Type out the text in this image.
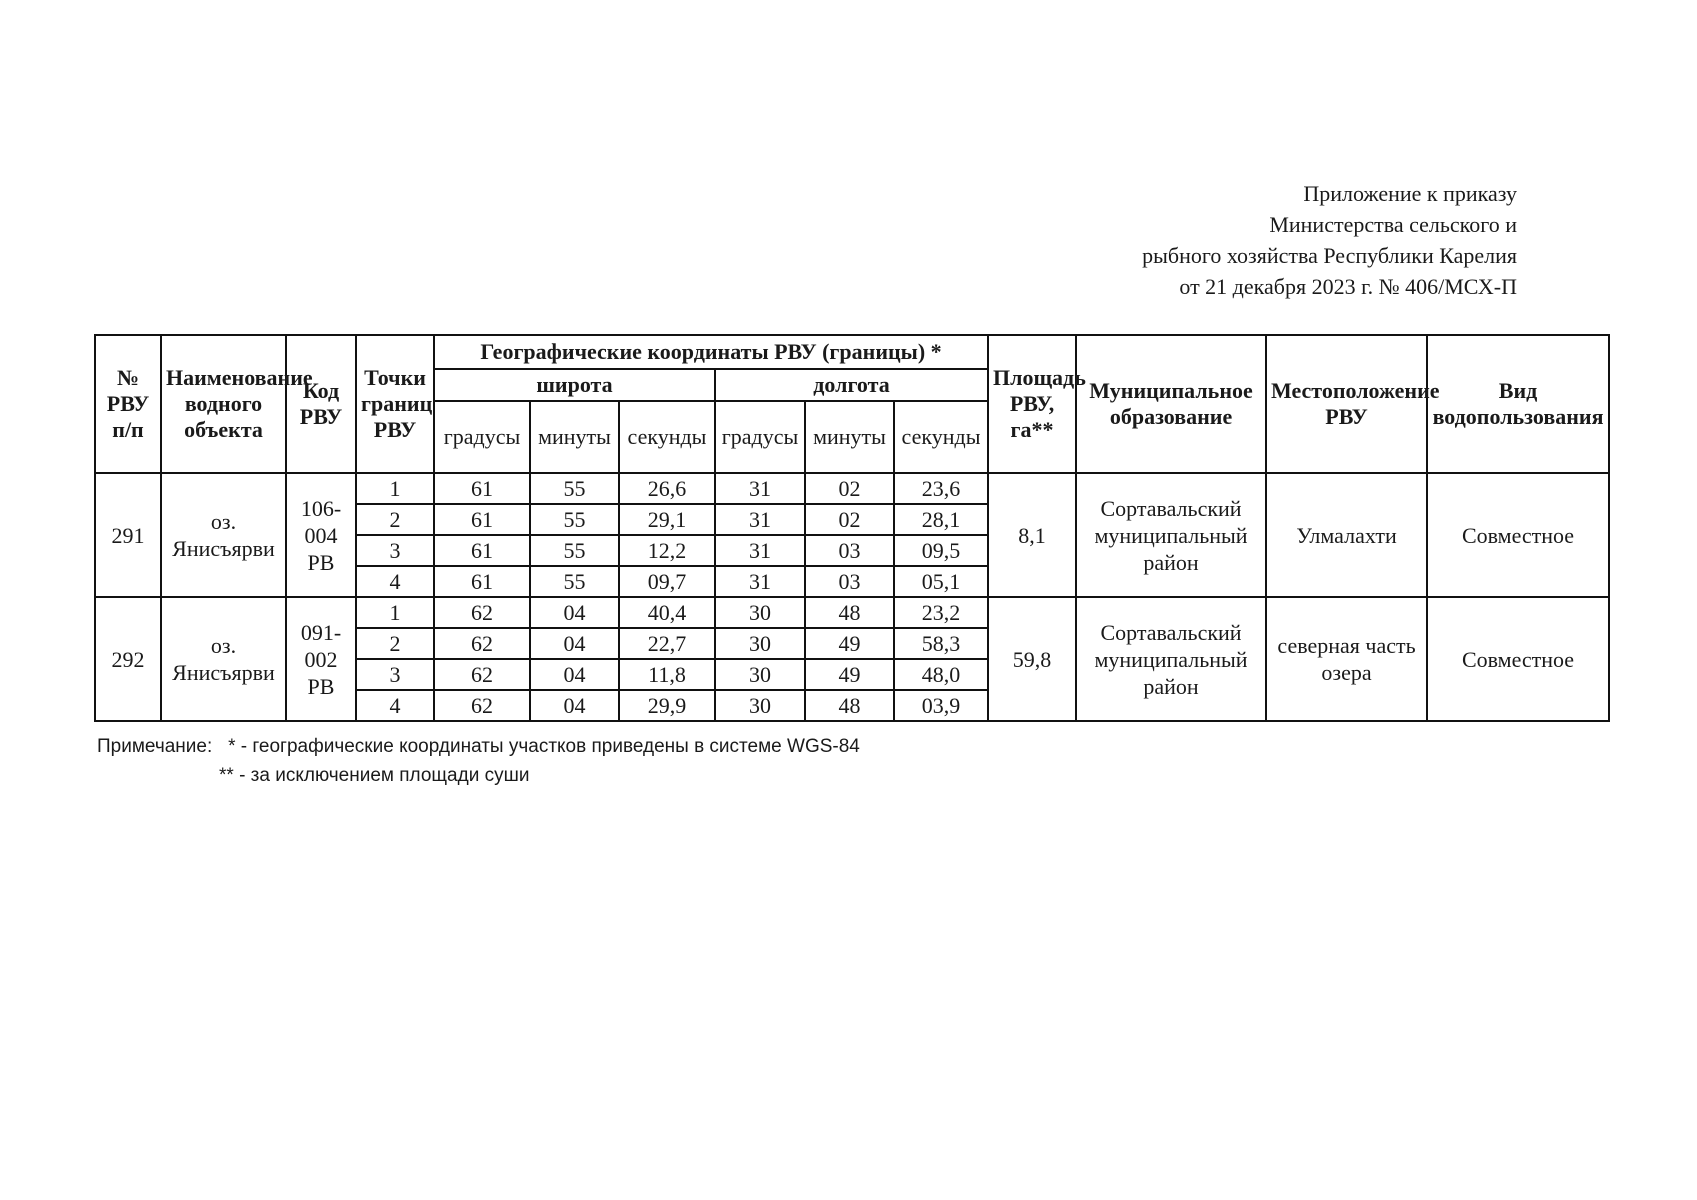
Приложение к приказу
Министерства сельского и
рыбного хозяйства Республики Карелия
от 21 декабря 2023 г. № 406/МСХ-П
№ РВУ п/п	Наименование водного объекта	Код РВУ	Точки границ РВУ	Географические координаты РВУ (границы) *						Площадь РВУ, га**	Муниципальное образование	Местоположение РВУ	Вид водопользования
				широта			долгота						
				градусы	минуты	секунды	градусы	минуты	секунды				
291	оз. Янисъярви	106-004 РВ	1	61	55	26,6	31	02	23,6	8,1	Сортавальский муниципальный район	Улмалахти	Совместное
			2	61	55	29,1	31	02	28,1				
			3	61	55	12,2	31	03	09,5				
			4	61	55	09,7	31	03	05,1				
292	оз. Янисъярви	091-002 РВ	1	62	04	40,4	30	48	23,2	59,8	Сортавальский муниципальный район	северная часть озера	Совместное
			2	62	04	22,7	30	49	58,3				
			3	62	04	11,8	30	49	48,0				
			4	62	04	29,9	30	48	03,9				
Примечание: * - географические координаты участков приведены в системе WGS-84
** - за исключением площади суши
